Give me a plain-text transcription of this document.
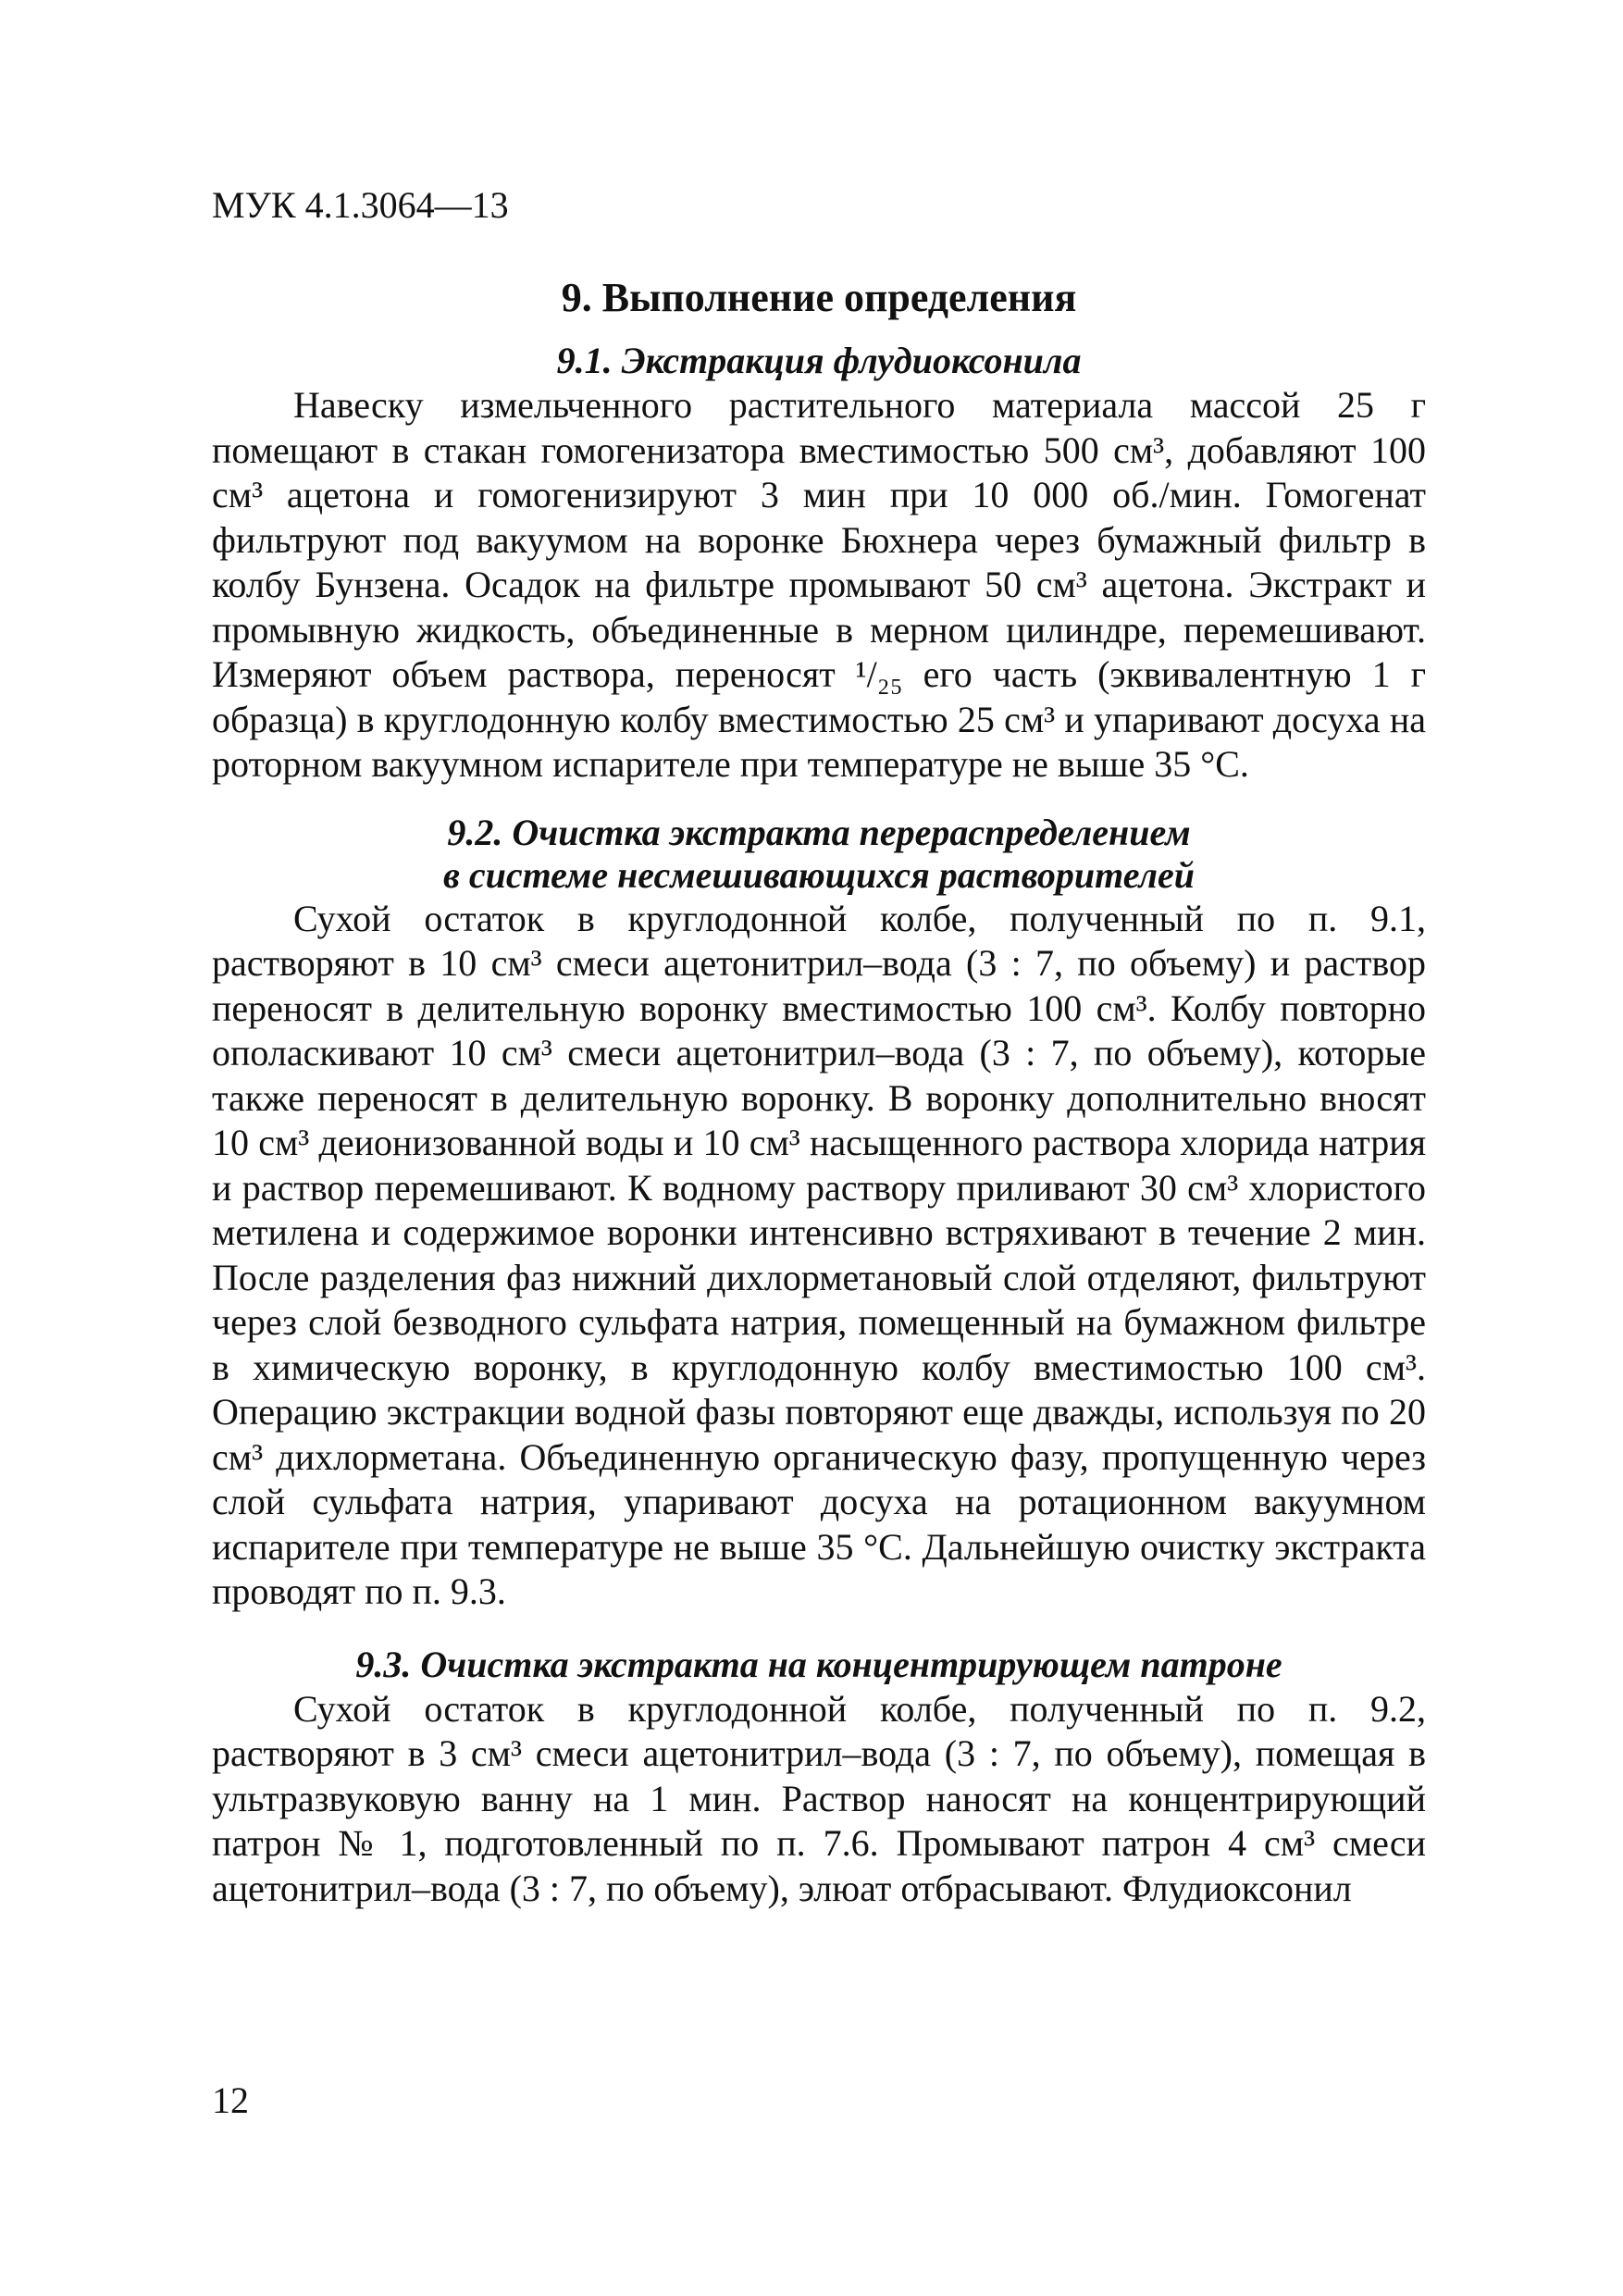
МУК 4.1.3064—13

9. Выполнение определения
9.1. Экстракция флудиоксонила

Навеску измельченного растительного материала массой 25 г помещают в стакан гомогенизатора вместимостью 500 см³, добавляют 100 см³ ацетона и гомогенизируют 3 мин при 10 000 об./мин. Гомогенат фильтруют под вакуумом на воронке Бюхнера через бумажный фильтр в колбу Бунзена. Осадок на фильтре промывают 50 см³ ацетона. Экстракт и промывную жидкость, объединенные в мерном цилиндре, перемешивают. Измеряют объем раствора, переносят ¹/₂₅ его часть (эквивалентную 1 г образца) в круглодонную колбу вместимостью 25 см³ и упаривают досуха на роторном вакуумном испарителе при температуре не выше 35 °С.

9.2. Очистка экстракта перераспределением
в системе несмешивающихся растворителей

Сухой остаток в круглодонной колбе, полученный по п. 9.1, растворяют в 10 см³ смеси ацетонитрил–вода (3 : 7, по объему) и раствор переносят в делительную воронку вместимостью 100 см³. Колбу повторно ополаскивают 10 см³ смеси ацетонитрил–вода (3 : 7, по объему), которые также переносят в делительную воронку. В воронку дополнительно вносят 10 см³ деионизованной воды и 10 см³ насыщенного раствора хлорида натрия и раствор перемешивают. К водному раствору приливают 30 см³ хлористого метилена и содержимое воронки интенсивно встряхивают в течение 2 мин. После разделения фаз нижний дихлорметановый слой отделяют, фильтруют через слой безводного сульфата натрия, помещенный на бумажном фильтре в химическую воронку, в круглодонную колбу вместимостью 100 см³. Операцию экстракции водной фазы повторяют еще дважды, используя по 20 см³ дихлорметана. Объединенную органическую фазу, пропущенную через слой сульфата натрия, упаривают досуха на ротационном вакуумном испарителе при температуре не выше 35 °С. Дальнейшую очистку экстракта проводят по п. 9.3.

9.3. Очистка экстракта на концентрирующем патроне

Сухой остаток в круглодонной колбе, полученный по п. 9.2, растворяют в 3 см³ смеси ацетонитрил–вода (3 : 7, по объему), помещая в ультразвуковую ванну на 1 мин. Раствор наносят на концентрирующий патрон № 1, подготовленный по п. 7.6. Промывают патрон 4 см³ смеси ацетонитрил–вода (3 : 7, по объему), элюат отбрасывают. Флудиоксонил

12
